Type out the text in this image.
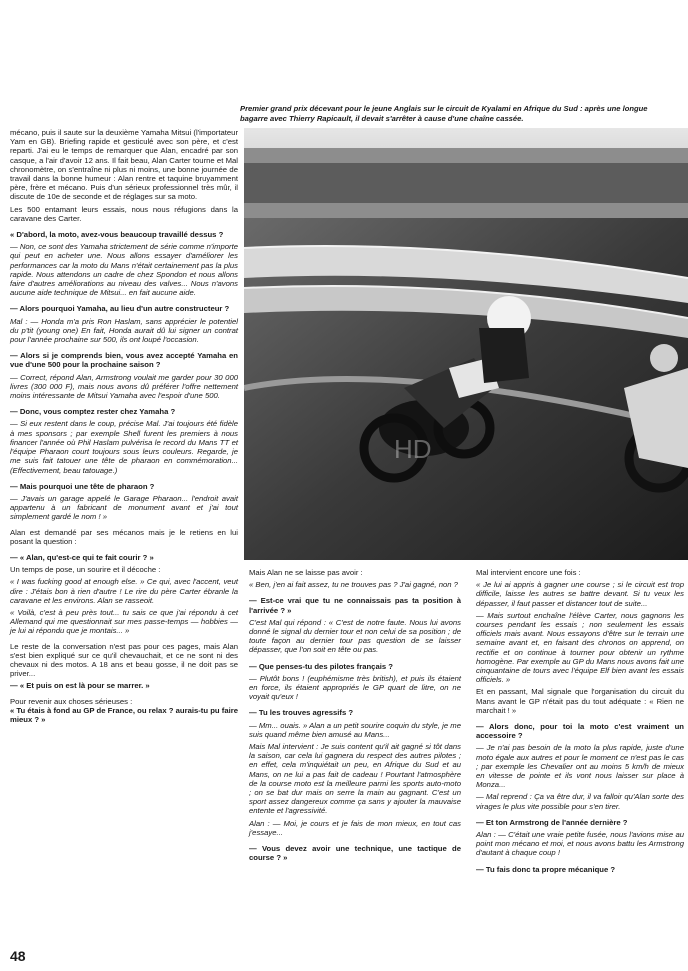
Premier grand prix décevant pour le jeune Anglais sur le circuit de Kyalami en Afrique du Sud : après une longue bagarre avec Thierry Rapicault, il devait s'arrêter à cause d'une chaîne cassée.
HD

mécano, puis il saute sur la deuxième Yamaha Mitsui (l'importateur Yam en GB). Briefing rapide et gesticulé avec son père, et c'est reparti. J'ai eu le temps de remarquer que Alan, encadré par son casque, a l'air d'avoir 12 ans. Il fait beau, Alan Carter tourne et Mal chronomètre, on s'entraîne ni plus ni moins, une bonne journée de travail dans la bonne humeur : Alan rentre et taquine bruyamment père, frère et mécano. Puis d'un sérieux professionnel très mûr, il discute de 10e de seconde et de réglages sur sa moto.

Les 500 entamant leurs essais, nous nous réfugions dans la caravane des Carter.

« D'abord, la moto, avez-vous beaucoup travaillé dessus ?

— Non, ce sont des Yamaha strictement de série comme n'importe qui peut en acheter une. Nous allons essayer d'améliorer les performances car la moto du Mans n'était certainement pas la plus rapide. Nous attendons un cadre de chez Spondon et nous allons faire d'autres améliorations au niveau des valves... Nous n'avons aucune aide technique de Mitsui... en fait aucune aide.

— Alors pourquoi Yamaha, au lieu d'un autre constructeur ?

Mal : — Honda m'a pris Ron Haslam, sans apprécier le potentiel du p'tit (young one) En fait, Honda aurait dû lui signer un contrat pour l'année prochaine sur 500, ils ont loupé l'occasion.

— Alors si je comprends bien, vous avez accepté Yamaha en vue d'une 500 pour la prochaine saison ?

— Correct, répond Alan, Armstrong voulait me garder pour 30 000 livres (300 000 F), mais nous avons dû préférer l'offre nettement moins intéressante de Mitsui Yamaha avec l'espoir d'une 500.

— Donc, vous comptez rester chez Yamaha ?

— Si eux restent dans le coup, précise Mal. J'ai toujours été fidèle à mes sponsors ; par exemple Shell furent les premiers à nous financer l'année où Phil Haslam pulvérisa le record du Mans TT et l'équipe Pharaon court toujours sous leurs couleurs. Regarde, je me suis fait tatouer une tête de pharaon en commémoration... (Effectivement, beau tatouage.)

— Mais pourquoi une tête de pharaon ?

— J'avais un garage appelé le Garage Pharaon... l'endroit avait appartenu à un fabricant de monument avant et j'ai tout simplement gardé le nom ! »

Alan est demandé par ses mécanos mais je le retiens en lui posant la question :

— « Alan, qu'est-ce qui te fait courir ? »

Un temps de pose, un sourire et il décoche :

« I was fucking good at enough else. » Ce qui, avec l'accent, veut dire : J'étais bon à rien d'autre ! Le rire du père Carter ébranle la caravane et les environs. Alan se rasseoit.

« Voilà, c'est à peu près tout... tu sais ce que j'ai répondu à cet Allemand qui me questionnait sur mes passe-temps — hobbies — je lui ai répondu que je montais... »

Le reste de la conversation n'est pas pour ces pages, mais Alan s'est bien expliqué sur ce qu'il chevauchait, et ce ne sont ni des chevaux ni des motos. A 18 ans et beau gosse, il ne doit pas se priver...

— « Et puis on est là pour se marrer. »

Pour revenir aux choses sérieuses :

« Tu étais à fond au GP de France, ou relax ? aurais-tu pu faire mieux ? »

Mais Alan ne se laisse pas avoir :

« Ben, j'en ai fait assez, tu ne trouves pas ? J'ai gagné, non ?

— Est-ce vrai que tu ne connaissais pas ta position à l'arrivée ? »

C'est Mal qui répond : « C'est de notre faute. Nous lui avons donné le signal du dernier tour et non celui de sa position ; de toute façon au dernier tour pas question de se laisser dépasser, que l'on soit en tête ou pas.

— Que penses-tu des pilotes français ?

— Plutôt bons ! (euphémisme très british), et puis ils étaient en force, ils étaient appropriés le GP quart de litre, on ne voyait qu'eux !

— Tu les trouves agressifs ?

— Mm... ouais. » Alan a un petit sourire coquin du style, je me suis quand même bien amusé au Mans...

Mais Mal intervient : Je suis content qu'il ait gagné si tôt dans la saison, car cela lui gagnera du respect des autres pilotes ; en effet, cela m'inquiétait un peu, en Afrique du Sud et au Mans, on ne lui a pas fait de cadeau ! Pourtant l'atmosphère de la course moto est la meilleure parmi les sports auto-moto ; on se bat dur mais on serre la main au gagnant. C'est un sport assez dangereux comme ça sans y ajouter la mauvaise entente et l'agressivité.

Alan : — Moi, je cours et je fais de mon mieux, en tout cas j'essaye...

— Vous devez avoir une technique, une tactique de course ? »

Mal intervient encore une fois :

« Je lui ai appris à gagner une course ; si le circuit est trop difficile, laisse les autres se battre devant. Si tu veux les dépasser, il faut passer et distancer tout de suite...

— Mais surtout enchaîne l'élève Carter, nous gagnons les courses pendant les essais ; non seulement les essais officiels mais avant. Nous essayons d'être sur le terrain une semaine avant et, en faisant des chronos on apprend, on rectifie et on continue à tourner pour obtenir un rythme homogène. Par exemple au GP du Mans nous avons fait une cinquantaine de tours avec l'équipe Elf bien avant les essais officiels. »

Et en passant, Mal signale que l'organisation du circuit du Mans avant le GP n'était pas du tout adéquate : « Rien ne marchait ! »

— Alors donc, pour toi la moto c'est vraiment un accessoire ?

— Je n'ai pas besoin de la moto la plus rapide, juste d'une moto égale aux autres et pour le moment ce n'est pas le cas ; par exemple les Chevalier ont au moins 5 km/h de mieux en vitesse de pointe et ils vont nous laisser sur place à Monza...

— Mal reprend : Ça va être dur, il va falloir qu'Alan sorte des virages le plus vite possible pour s'en tirer.

— Et ton Armstrong de l'année dernière ?

Alan : — C'était une vraie petite fusée, nous l'avions mise au point mon mécano et moi, et nous avons battu les Armstrong d'autant à chaque coup !

— Tu fais donc ta propre mécanique ?

48
